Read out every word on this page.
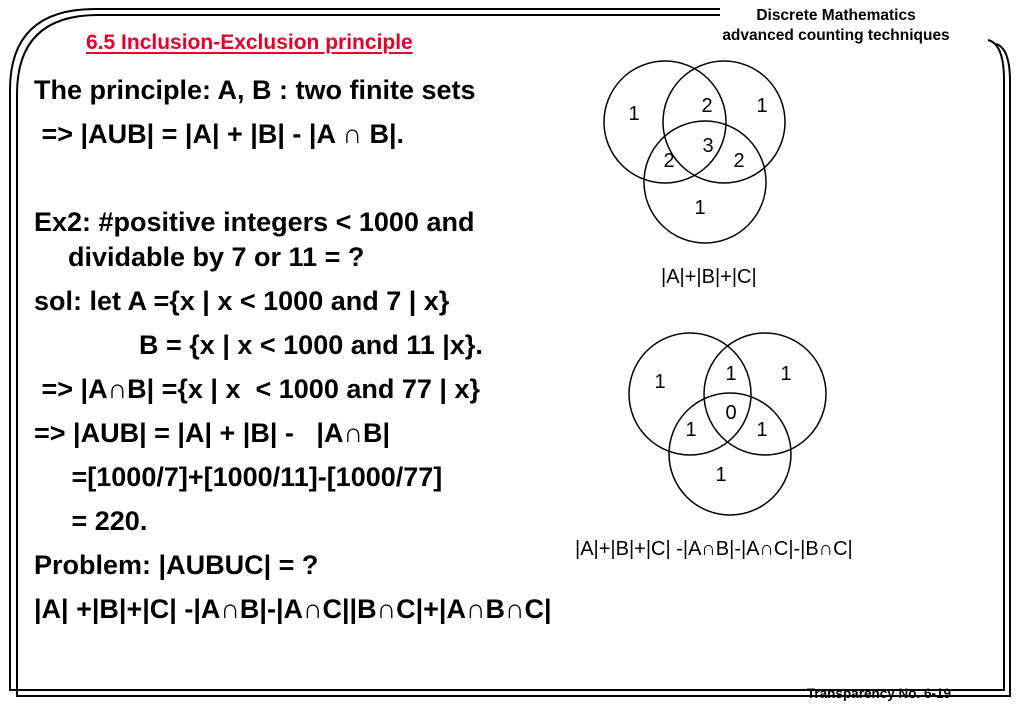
Discrete Mathematics
advanced counting techniques
6.5 Inclusion-Exclusion principle
The principle: A, B : two finite sets
=> |AUB| = |A| + |B| - |A ∩ B|.
Ex2: #positive integers < 1000 and
dividable by 7 or 11 = ?
sol: let A ={x | x < 1000 and 7 | x}
B = {x | x < 1000 and 11 |x}.
=> |A∩B| ={x | x  < 1000 and 77 | x}
=> |AUB| = |A| + |B| -   |A∩B|
=[1000/7]+[1000/11]-[1000/77]
= 220.
Problem: |AUBUC| = ?
|A| +|B|+|C| -|A∩B|-|A∩C||B∩C|+|A∩B∩C|
1	2 1
3
2	2
1
|A|+|B|+|C|
1	1 1
0
1	1
1
|A|+|B|+|C| -|A∩B|-|A∩C|-|B∩C|
Transparency No. 6-19
